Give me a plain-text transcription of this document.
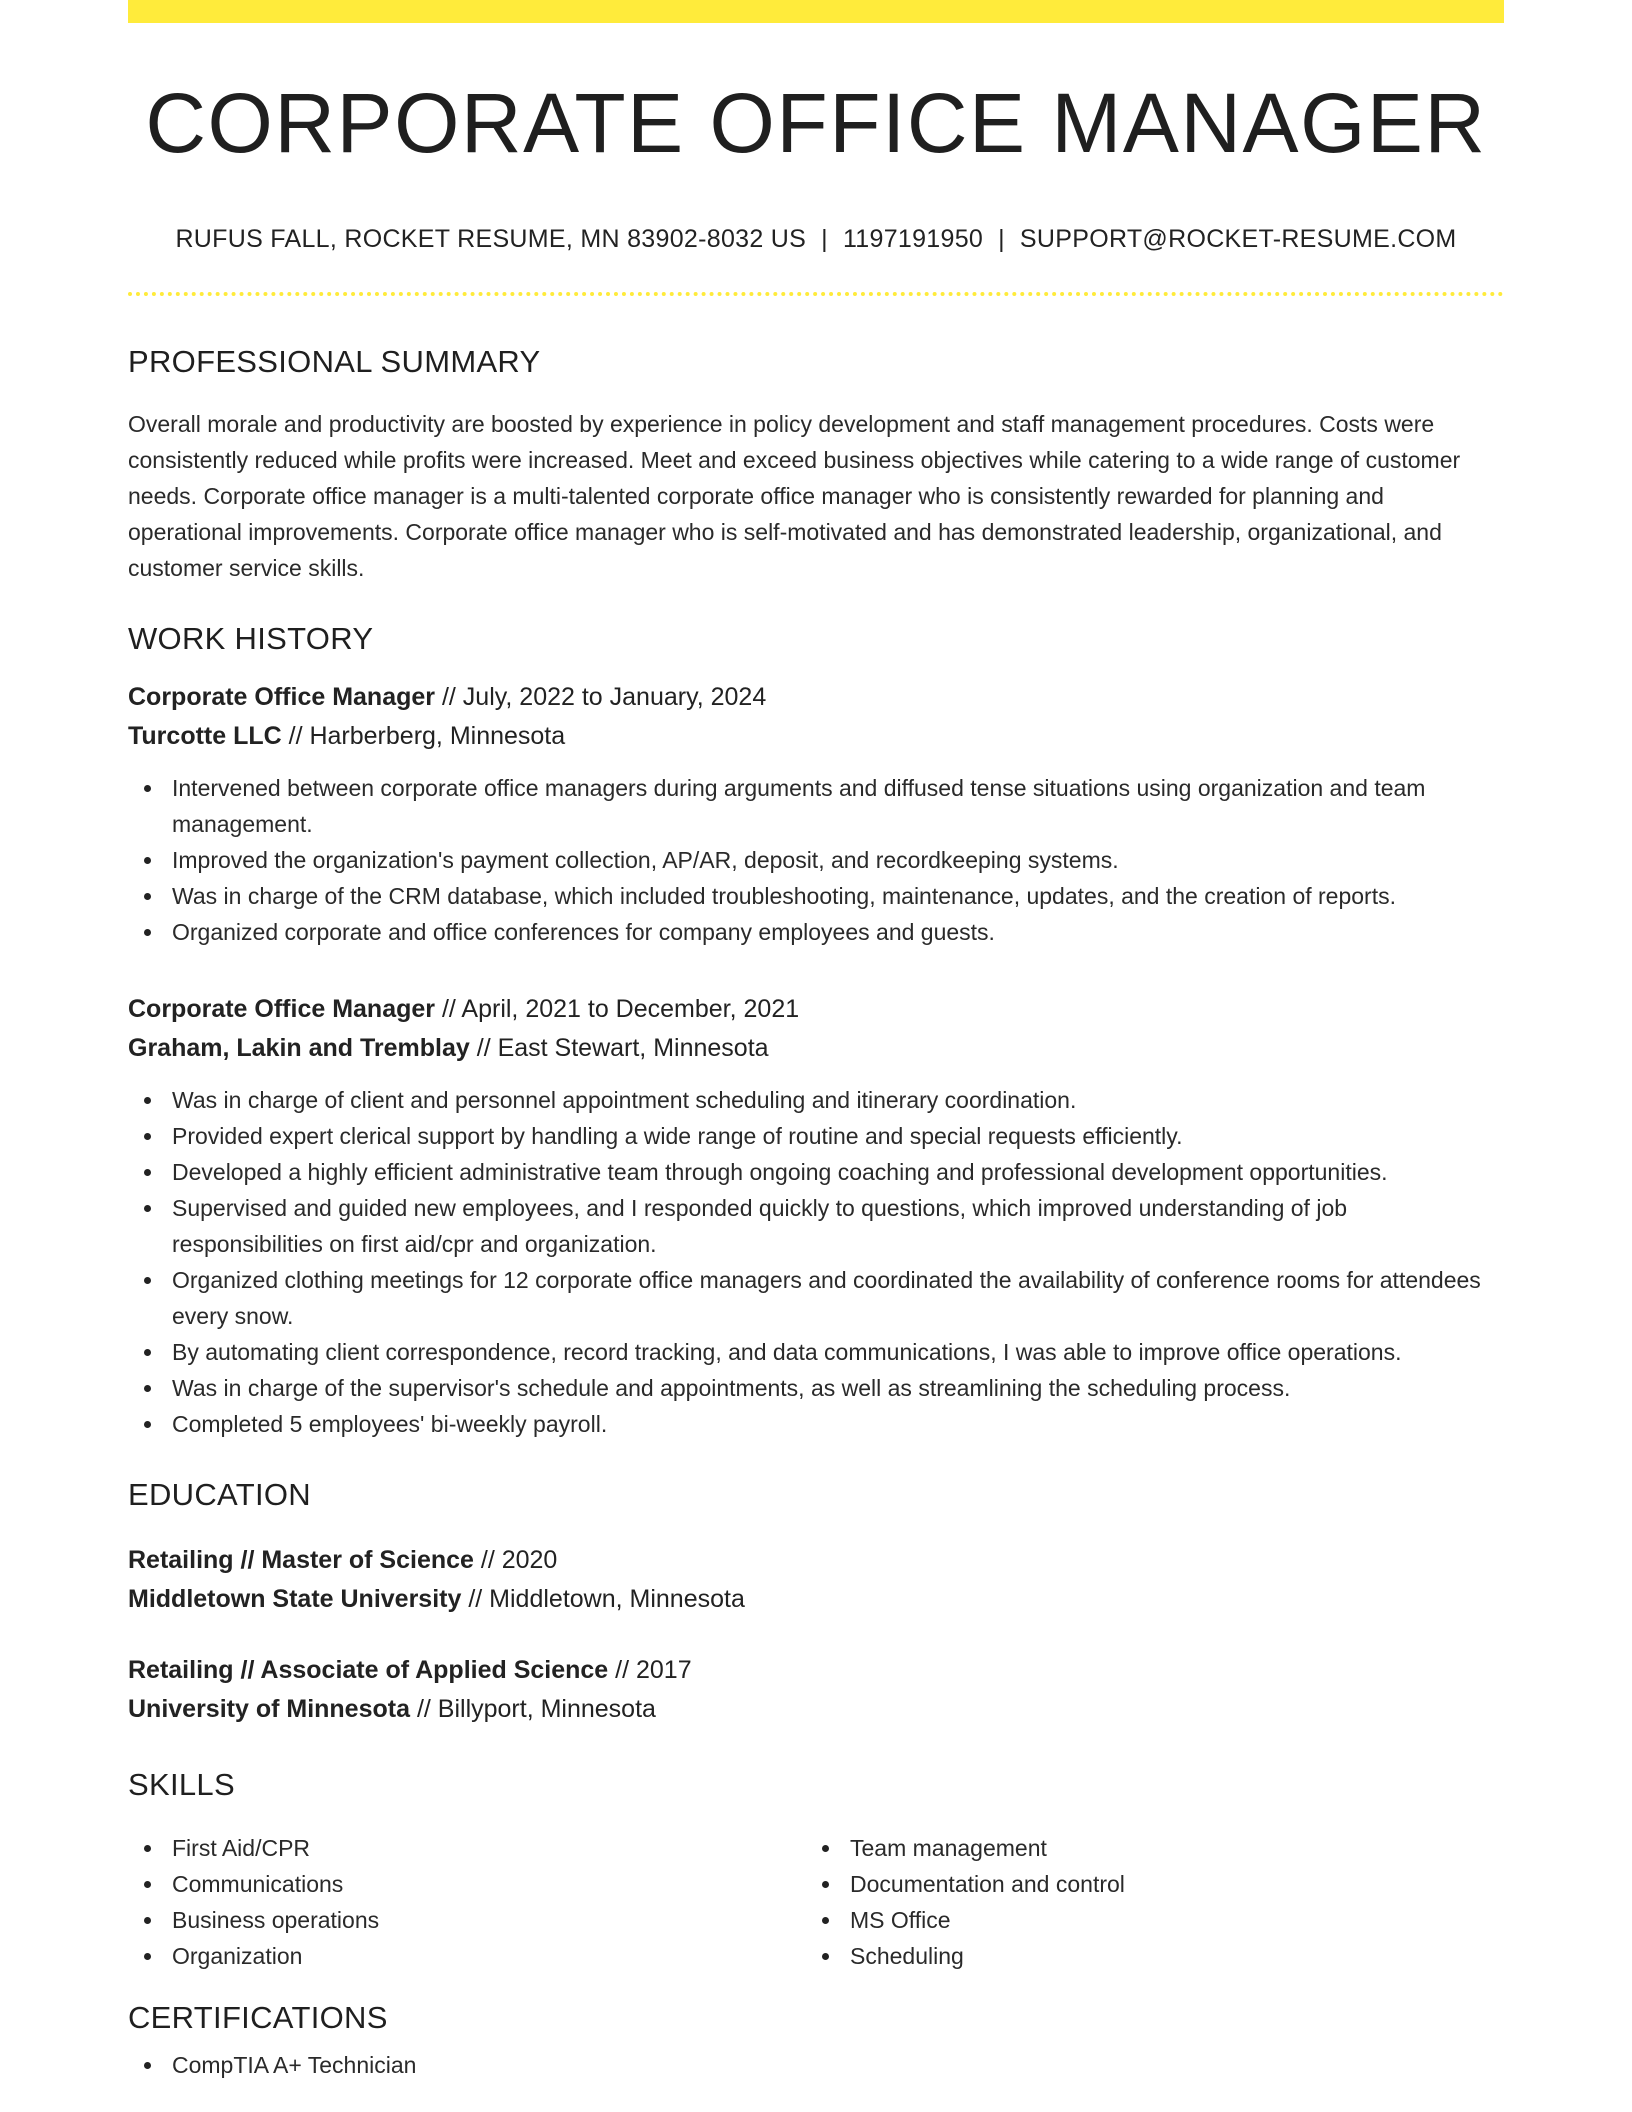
CORPORATE OFFICE MANAGER
RUFUS FALL, ROCKET RESUME, MN 83902-8032 US | 1197191950 | SUPPORT@ROCKET-RESUME.COM
PROFESSIONAL SUMMARY

Overall morale and productivity are boosted by experience in policy development and staff management procedures. Costs were consistently reduced while profits were increased. Meet and exceed business objectives while catering to a wide range of customer needs. Corporate office manager is a multi-talented corporate office manager who is consistently rewarded for planning and operational improvements. Corporate office manager who is self-motivated and has demonstrated leadership, organizational, and customer service skills.

WORK HISTORY
Corporate Office Manager // July, 2022 to January, 2024
Turcotte LLC // Harberberg, Minnesota
Intervened between corporate office managers during arguments and diffused tense situations using organization and team management.
Improved the organization's payment collection, AP/AR, deposit, and recordkeeping systems.
Was in charge of the CRM database, which included troubleshooting, maintenance, updates, and the creation of reports.
Organized corporate and office conferences for company employees and guests.
Corporate Office Manager // April, 2021 to December, 2021
Graham, Lakin and Tremblay // East Stewart, Minnesota
Was in charge of client and personnel appointment scheduling and itinerary coordination.
Provided expert clerical support by handling a wide range of routine and special requests efficiently.
Developed a highly efficient administrative team through ongoing coaching and professional development opportunities.
Supervised and guided new employees, and I responded quickly to questions, which improved understanding of job responsibilities on first aid/cpr and organization.
Organized clothing meetings for 12 corporate office managers and coordinated the availability of conference rooms for attendees every snow.
By automating client correspondence, record tracking, and data communications, I was able to improve office operations.
Was in charge of the supervisor's schedule and appointments, as well as streamlining the scheduling process.
Completed 5 employees' bi-weekly payroll.
EDUCATION
Retailing // Master of Science // 2020
Middletown State University // Middletown, Minnesota
Retailing // Associate of Applied Science // 2017
University of Minnesota // Billyport, Minnesota
SKILLS
First Aid/CPR
Communications
Business operations
Organization
Team management
Documentation and control
MS Office
Scheduling
CERTIFICATIONS
CompTIA A+ Technician
